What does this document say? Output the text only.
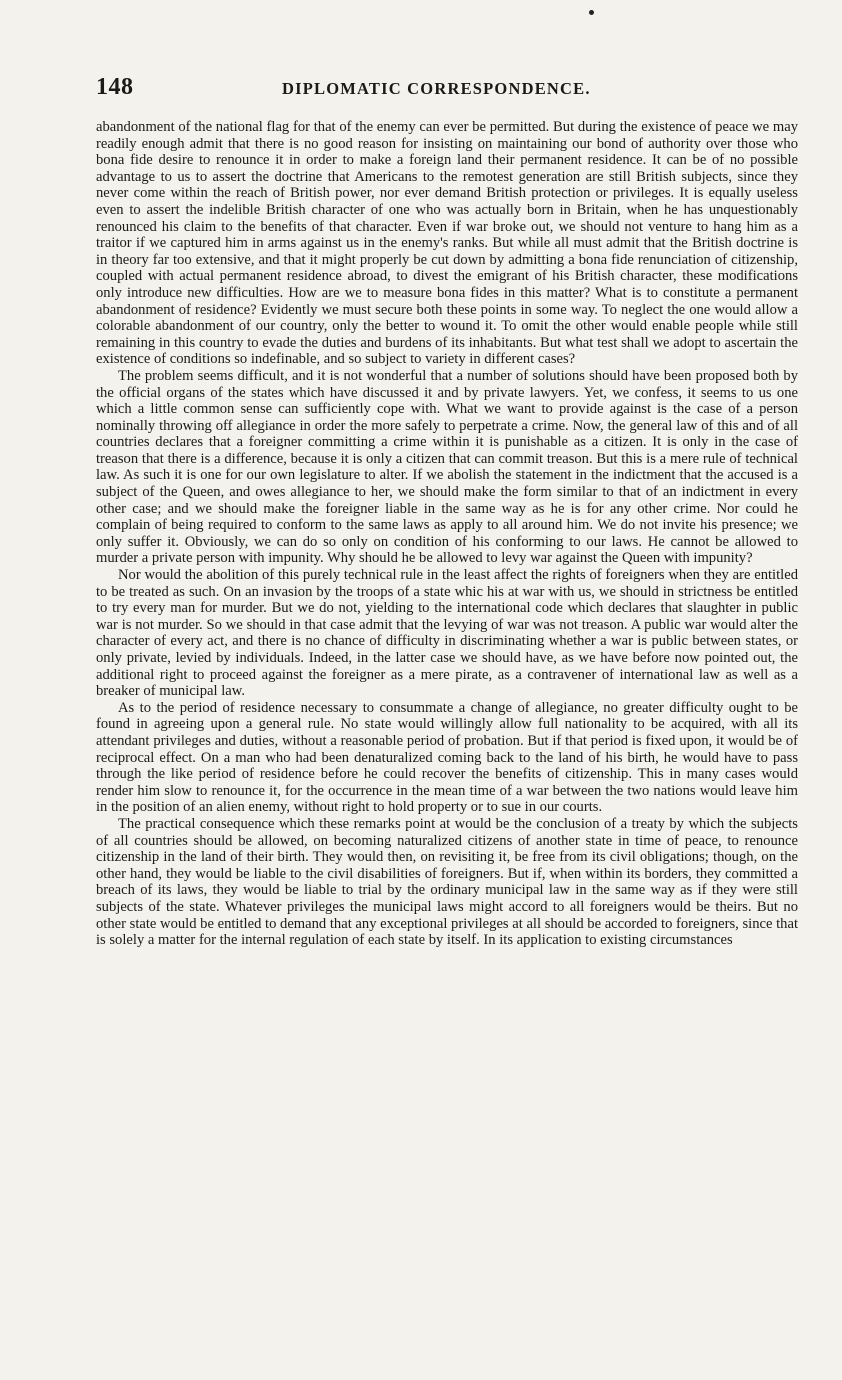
148	DIPLOMATIC CORRESPONDENCE.

abandonment of the national flag for that of the enemy can ever be permitted. But during the existence of peace we may readily enough admit that there is no good reason for insisting on maintaining our bond of authority over those who bona fide desire to renounce it in order to make a foreign land their permanent residence. It can be of no possible advantage to us to assert the doctrine that Americans to the remotest generation are still British subjects, since they never come within the reach of British power, nor ever demand British protection or privileges. It is equally useless even to assert the indelible British character of one who was actually born in Britain, when he has unquestionably renounced his claim to the benefits of that character. Even if war broke out, we should not venture to hang him as a traitor if we captured him in arms against us in the enemy's ranks. But while all must admit that the British doctrine is in theory far too extensive, and that it might properly be cut down by admitting a bona fide renunciation of citizenship, coupled with actual permanent residence abroad, to divest the emigrant of his British character, these modifications only introduce new difficulties. How are we to measure bona fides in this matter? What is to constitute a permanent abandonment of residence? Evidently we must secure both these points in some way. To neglect the one would allow a colorable abandonment of our country, only the better to wound it. To omit the other would enable people while still remaining in this country to evade the duties and burdens of its inhabitants. But what test shall we adopt to ascertain the existence of conditions so indefinable, and so subject to variety in different cases?

The problem seems difficult, and it is not wonderful that a number of solutions should have been proposed both by the official organs of the states which have discussed it and by private lawyers. Yet, we confess, it seems to us one which a little common sense can sufficiently cope with. What we want to provide against is the case of a person nominally throwing off allegiance in order the more safely to perpetrate a crime. Now, the general law of this and of all countries declares that a foreigner committing a crime within it is punishable as a citizen. It is only in the case of treason that there is a difference, because it is only a citizen that can commit treason. But this is a mere rule of technical law. As such it is one for our own legislature to alter. If we abolish the statement in the indictment that the accused is a subject of the Queen, and owes allegiance to her, we should make the form similar to that of an indictment in every other case; and we should make the foreigner liable in the same way as he is for any other crime. Nor could he complain of being required to conform to the same laws as apply to all around him. We do not invite his presence; we only suffer it. Obviously, we can do so only on condition of his conforming to our laws. He cannot be allowed to murder a private person with impunity. Why should he be allowed to levy war against the Queen with impunity?

Nor would the abolition of this purely technical rule in the least affect the rights of foreigners when they are entitled to be treated as such. On an invasion by the troops of a state whic his at war with us, we should in strictness be entitled to try every man for murder. But we do not, yielding to the international code which declares that slaughter in public war is not murder. So we should in that case admit that the levying of war was not treason. A public war would alter the character of every act, and there is no chance of difficulty in discriminating whether a war is public between states, or only private, levied by individuals. Indeed, in the latter case we should have, as we have before now pointed out, the additional right to proceed against the foreigner as a mere pirate, as a contravener of international law as well as a breaker of municipal law.

As to the period of residence necessary to consummate a change of allegiance, no greater difficulty ought to be found in agreeing upon a general rule. No state would willingly allow full nationality to be acquired, with all its attendant privileges and duties, without a reasonable period of probation. But if that period is fixed upon, it would be of reciprocal effect. On a man who had been denaturalized coming back to the land of his birth, he would have to pass through the like period of residence before he could recover the benefits of citizenship. This in many cases would render him slow to renounce it, for the occurrence in the mean time of a war between the two nations would leave him in the position of an alien enemy, without right to hold property or to sue in our courts.

The practical consequence which these remarks point at would be the conclusion of a treaty by which the subjects of all countries should be allowed, on becoming naturalized citizens of another state in time of peace, to renounce citizenship in the land of their birth. They would then, on revisiting it, be free from its civil obligations; though, on the other hand, they would be liable to the civil disabilities of foreigners. But if, when within its borders, they committed a breach of its laws, they would be liable to trial by the ordinary municipal law in the same way as if they were still subjects of the state. Whatever privileges the municipal laws might accord to all foreigners would be theirs. But no other state would be entitled to demand that any exceptional privileges at all should be accorded to foreigners, since that is solely a matter for the internal regulation of each state by itself. In its application to existing circumstances
